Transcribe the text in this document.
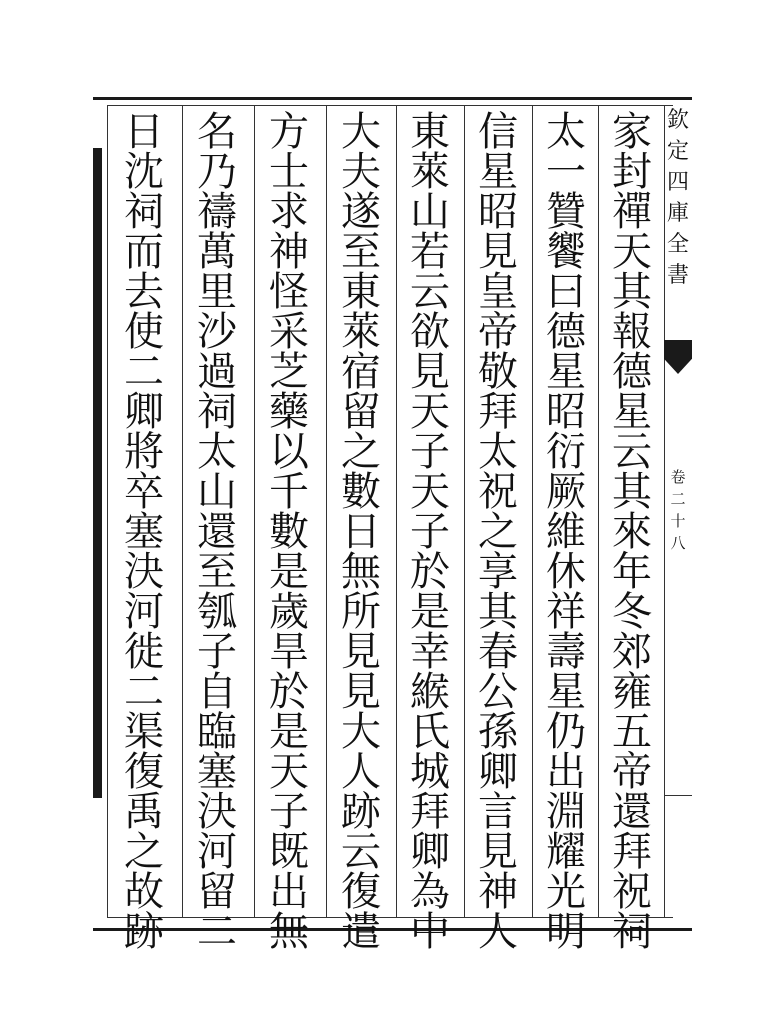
欽
定
四
庫
全
書
卷
二
十
八
家
封
禪
天
其
報
德
星
云
其
來
年
冬
郊
雍
五
帝
還
拜
祝
祠
太
一
贊
饗
曰
德
星
昭
衍
厥
維
休
祥
壽
星
仍
出
淵
耀
光
明
信
星
昭
見
皇
帝
敬
拜
太
祝
之
享
其
春
公
孫
卿
言
見
神
人
東
萊
山
若
云
欲
見
天
子
天
子
於
是
幸
緱
氏
城
拜
卿
為
中
大
夫
遂
至
東
萊
宿
留
之
數
日
無
所
見
見
大
人
跡
云
復
遣
方
士
求
神
怪
采
芝
藥
以
千
數
是
歲
旱
於
是
天
子
既
出
無
名
乃
禱
萬
里
沙
過
祠
太
山
還
至
瓠
子
自
臨
塞
決
河
留
二
日
沈
祠
而
去
使
二
卿
將
卒
塞
決
河
徙
二
渠
復
禹
之
故
跡
